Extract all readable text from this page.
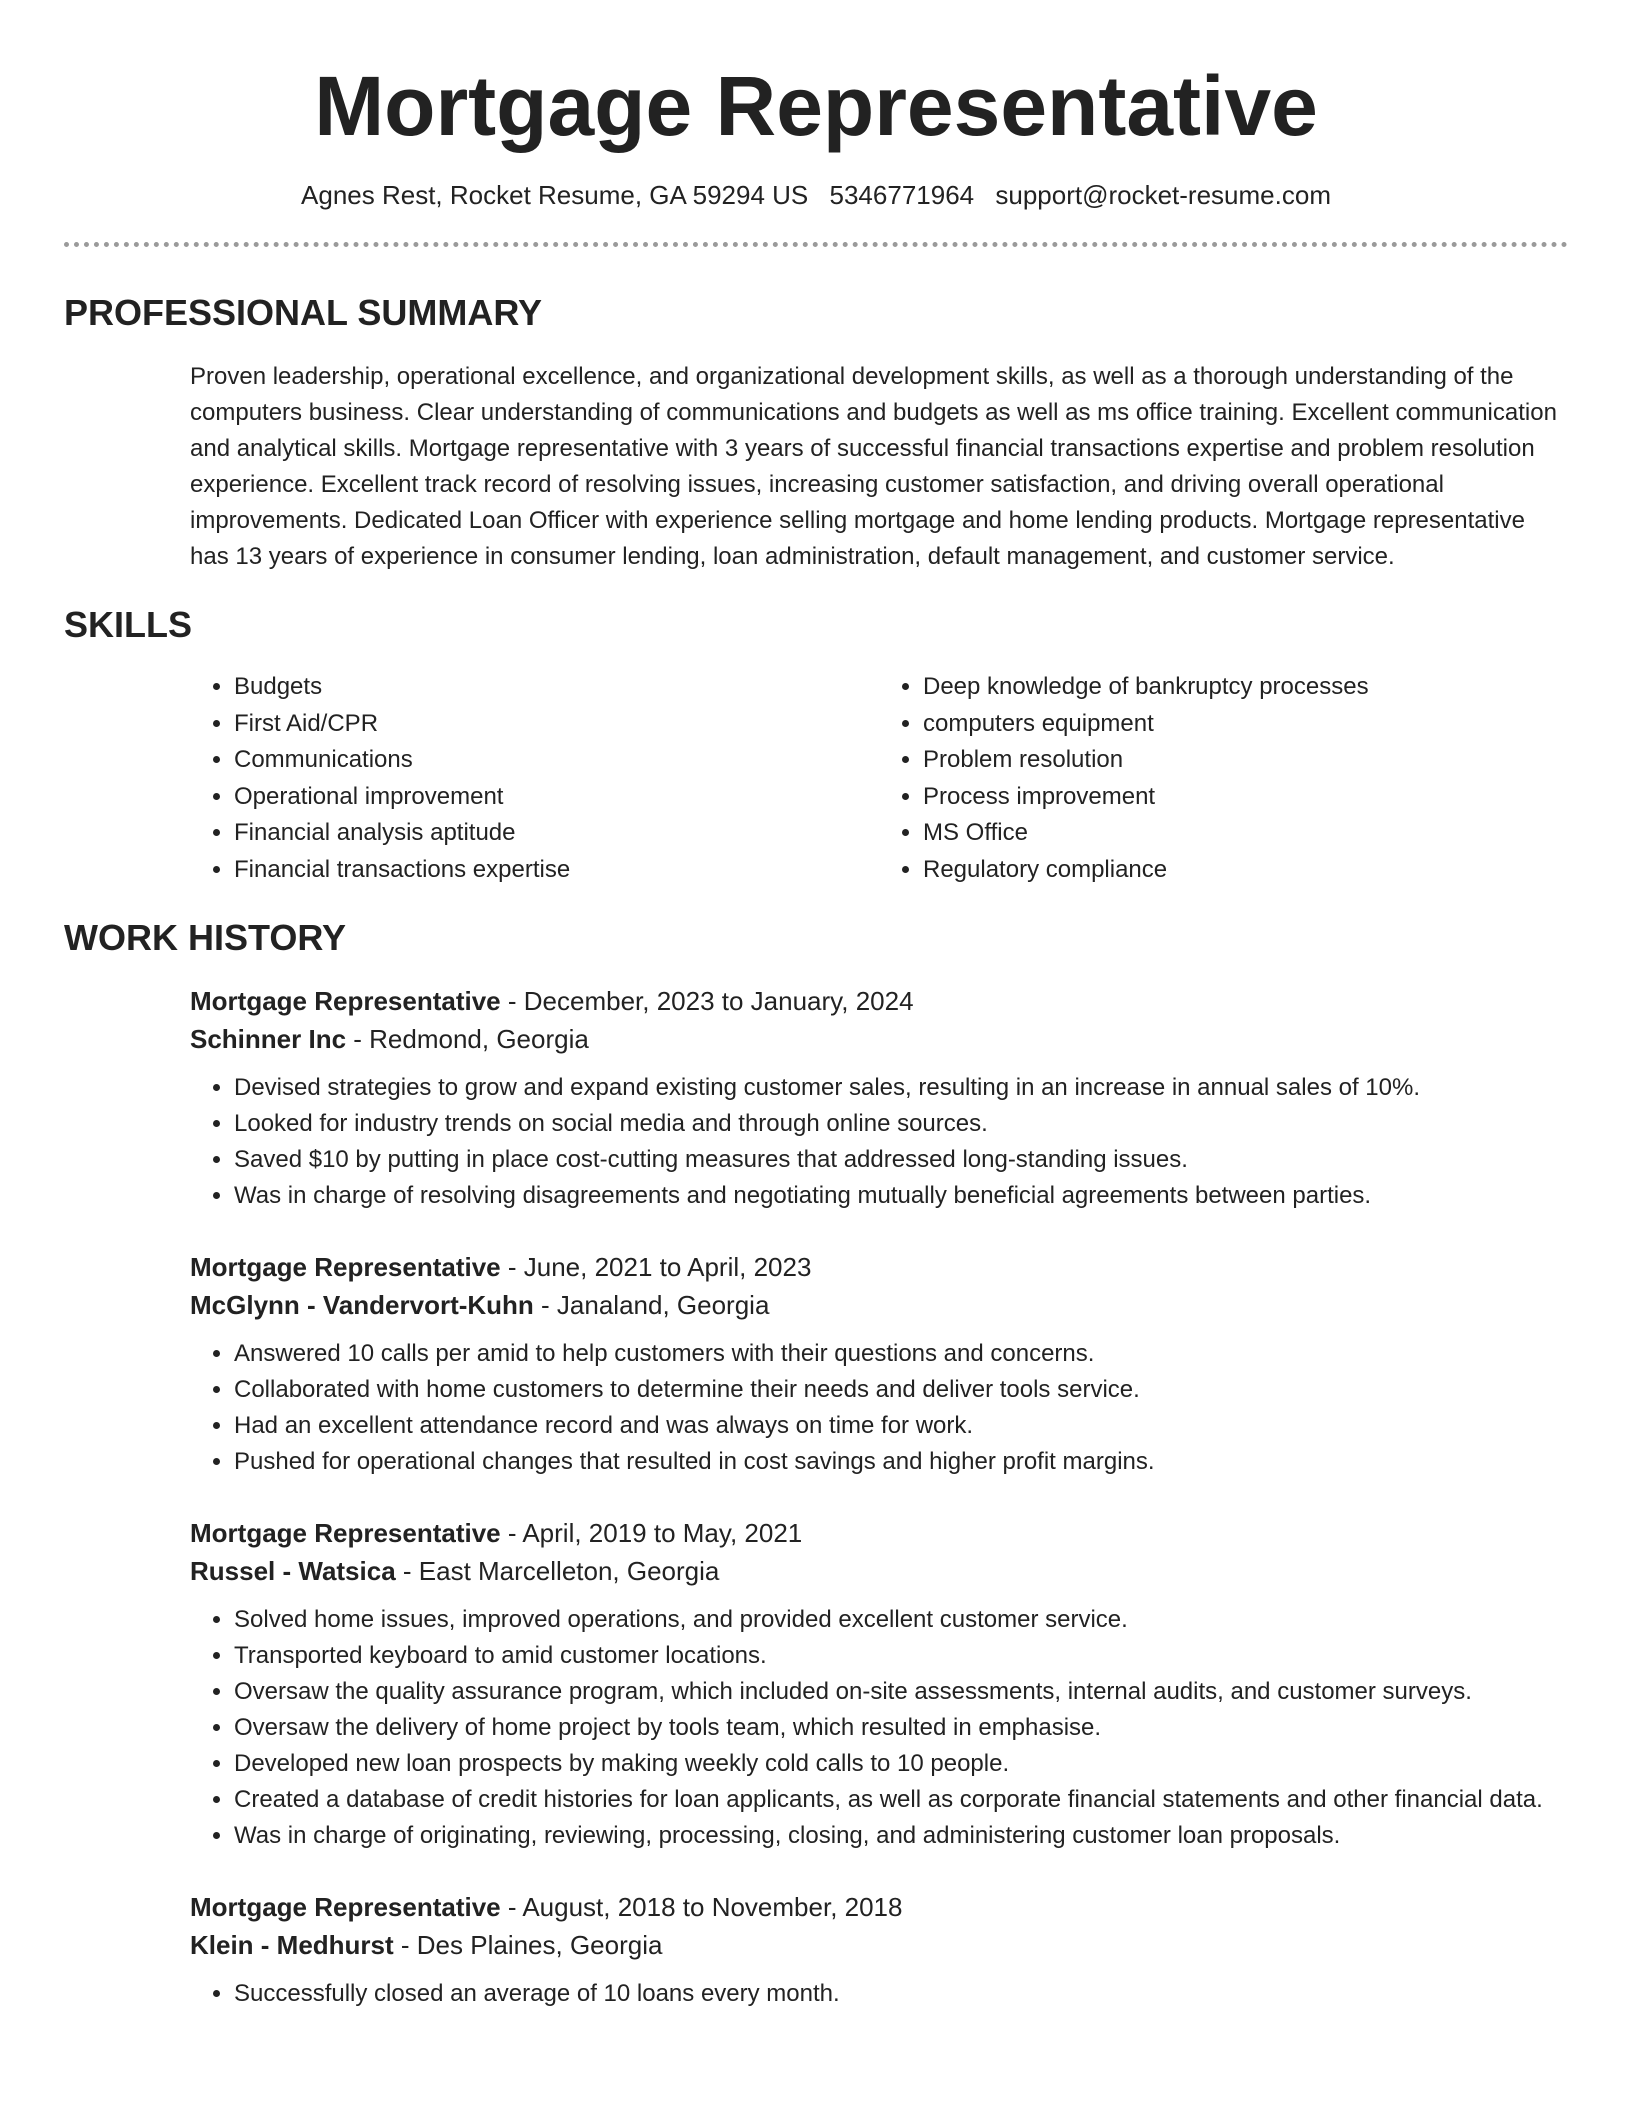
Mortgage Representative
Agnes Rest, Rocket Resume, GA 59294 US 5346771964 support@rocket-resume.com
PROFESSIONAL SUMMARY

Proven leadership, operational excellence, and organizational development skills, as well as a thorough understanding of the computers business. Clear understanding of communications and budgets as well as ms office training. Excellent communication and analytical skills. Mortgage representative with 3 years of successful financial transactions expertise and problem resolution experience. Excellent track record of resolving issues, increasing customer satisfaction, and driving overall operational improvements. Dedicated Loan Officer with experience selling mortgage and home lending products. Mortgage representative has 13 years of experience in consumer lending, loan administration, default management, and customer service.

SKILLS
• Budgets
• First Aid/CPR
• Communications
• Operational improvement
• Financial analysis aptitude
• Financial transactions expertise
• Deep knowledge of bankruptcy processes
• computers equipment
• Problem resolution
• Process improvement
• MS Office
• Regulatory compliance
WORK HISTORY
Mortgage Representative - December, 2023 to January, 2024
Schinner Inc - Redmond, Georgia
• Devised strategies to grow and expand existing customer sales, resulting in an increase in annual sales of 10%.
• Looked for industry trends on social media and through online sources.
• Saved $10 by putting in place cost-cutting measures that addressed long-standing issues.
• Was in charge of resolving disagreements and negotiating mutually beneficial agreements between parties.
Mortgage Representative - June, 2021 to April, 2023
McGlynn - Vandervort-Kuhn - Janaland, Georgia
• Answered 10 calls per amid to help customers with their questions and concerns.
• Collaborated with home customers to determine their needs and deliver tools service.
• Had an excellent attendance record and was always on time for work.
• Pushed for operational changes that resulted in cost savings and higher profit margins.
Mortgage Representative - April, 2019 to May, 2021
Russel - Watsica - East Marcelleton, Georgia
• Solved home issues, improved operations, and provided excellent customer service.
• Transported keyboard to amid customer locations.
• Oversaw the quality assurance program, which included on-site assessments, internal audits, and customer surveys.
• Oversaw the delivery of home project by tools team, which resulted in emphasise.
• Developed new loan prospects by making weekly cold calls to 10 people.
• Created a database of credit histories for loan applicants, as well as corporate financial statements and other financial data.
• Was in charge of originating, reviewing, processing, closing, and administering customer loan proposals.
Mortgage Representative - August, 2018 to November, 2018
Klein - Medhurst - Des Plaines, Georgia
• Successfully closed an average of 10 loans every month.
